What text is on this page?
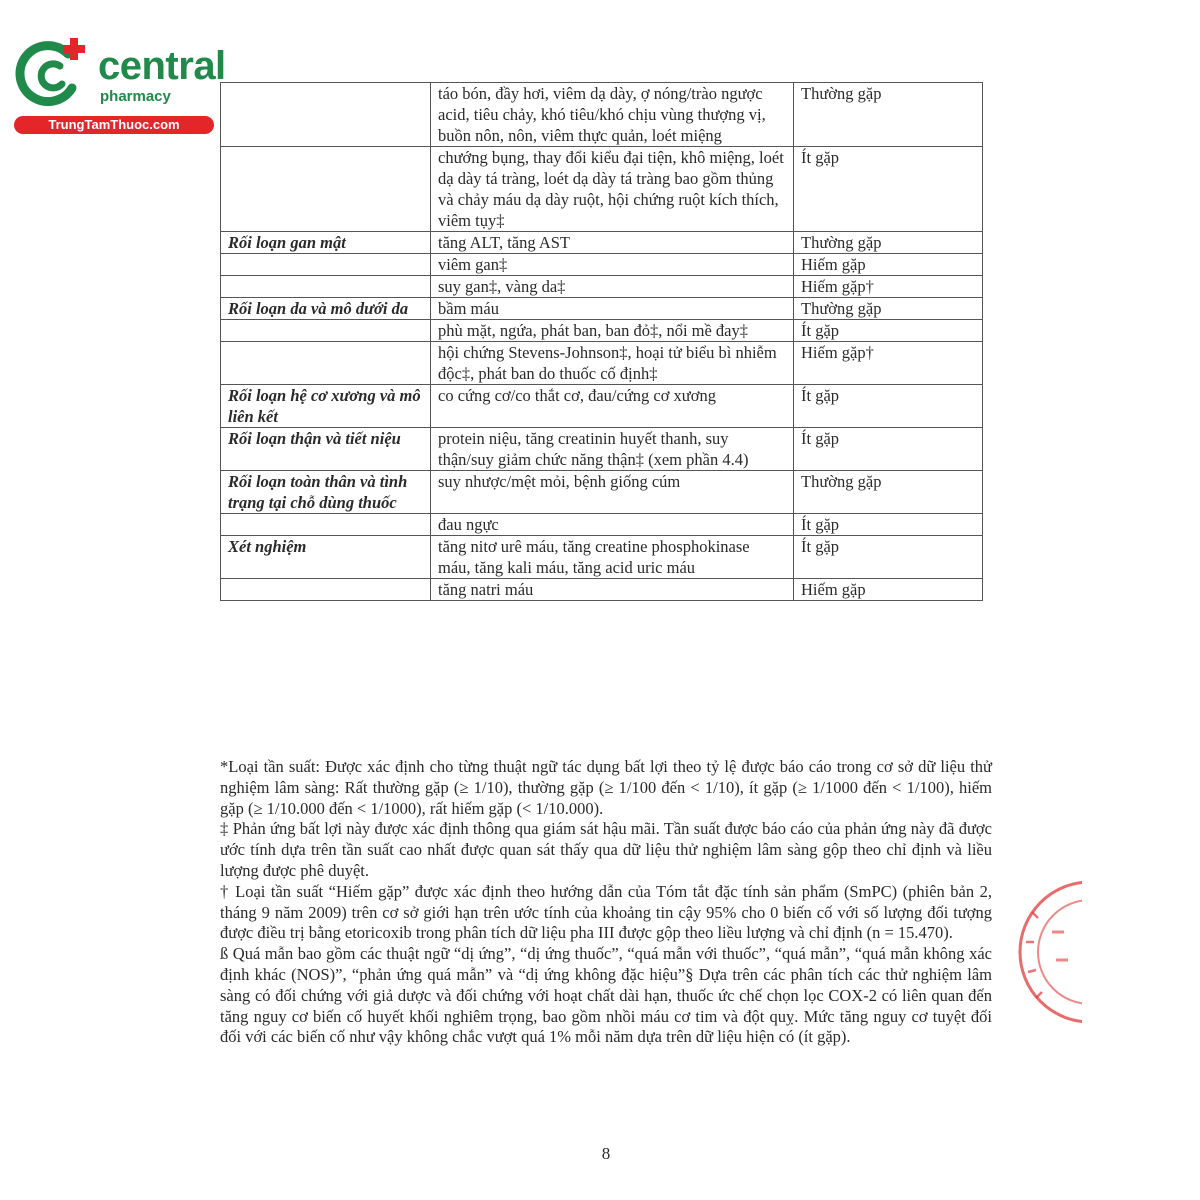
central
pharmacy
TrungTamThuoc.com
	táo bón, đầy hơi, viêm dạ dày, ợ nóng/trào ngược acid, tiêu chảy, khó tiêu/khó chịu vùng thượng vị, buồn nôn, nôn, viêm thực quản, loét miệng	Thường gặp
	chướng bụng, thay đổi kiểu đại tiện, khô miệng, loét dạ dày tá tràng, loét dạ dày tá tràng bao gồm thủng và chảy máu dạ dày ruột, hội chứng ruột kích thích, viêm tụy‡	Ít gặp
Rối loạn gan mật	tăng ALT, tăng AST	Thường gặp
	viêm gan‡	Hiếm gặp
	suy gan‡, vàng da‡	Hiếm gặp†
Rối loạn da và mô dưới da	bầm máu	Thường gặp
	phù mặt, ngứa, phát ban, ban đỏ‡, nổi mề đay‡	Ít gặp
	hội chứng Stevens-Johnson‡, hoại tử biểu bì nhiễm độc‡, phát ban do thuốc cố định‡	Hiếm gặp†
Rối loạn hệ cơ xương và mô liên kết	co cứng cơ/co thắt cơ, đau/cứng cơ xương	Ít gặp
Rối loạn thận và tiết niệu	protein niệu, tăng creatinin huyết thanh, suy thận/suy giảm chức năng thận‡ (xem phần 4.4)	Ít gặp
Rối loạn toàn thân và tình trạng tại chỗ dùng thuốc	suy nhược/mệt mỏi, bệnh giống cúm	Thường gặp
	đau ngực	Ít gặp
Xét nghiệm	tăng nitơ urê máu, tăng creatine phosphokinase máu, tăng kali máu, tăng acid uric máu	Ít gặp
	tăng natri máu	Hiếm gặp

*Loại tần suất: Được xác định cho từng thuật ngữ tác dụng bất lợi theo tỷ lệ được báo cáo trong cơ sở dữ liệu thử nghiệm lâm sàng: Rất thường gặp (≥ 1/10), thường gặp (≥ 1/100 đến < 1/10), ít gặp (≥ 1/1000 đến < 1/100), hiếm gặp (≥ 1/10.000 đến < 1/1000), rất hiếm gặp (< 1/10.000).

‡ Phản ứng bất lợi này được xác định thông qua giám sát hậu mãi. Tần suất được báo cáo của phản ứng này đã được ước tính dựa trên tần suất cao nhất được quan sát thấy qua dữ liệu thử nghiệm lâm sàng gộp theo chỉ định và liều lượng được phê duyệt.

† Loại tần suất “Hiếm gặp” được xác định theo hướng dẫn của Tóm tắt đặc tính sản phẩm (SmPC) (phiên bản 2, tháng 9 năm 2009) trên cơ sở giới hạn trên ước tính của khoảng tin cậy 95% cho 0 biến cố với số lượng đối tượng được điều trị bằng etoricoxib trong phân tích dữ liệu pha III được gộp theo liều lượng và chỉ định (n = 15.470).

ß Quá mẫn bao gồm các thuật ngữ “dị ứng”, “dị ứng thuốc”, “quá mẫn với thuốc”, “quá mẫn”, “quá mẫn không xác định khác (NOS)”, “phản ứng quá mẫn” và “dị ứng không đặc hiệu”§ Dựa trên các phân tích các thử nghiệm lâm sàng có đối chứng với giả dược và đối chứng với hoạt chất dài hạn, thuốc ức chế chọn lọc COX-2 có liên quan đến tăng nguy cơ biến cố huyết khối nghiêm trọng, bao gồm nhồi máu cơ tim và đột quỵ. Mức tăng nguy cơ tuyệt đối đối với các biến cố như vậy không chắc vượt quá 1% mỗi năm dựa trên dữ liệu hiện có (ít gặp).

8
